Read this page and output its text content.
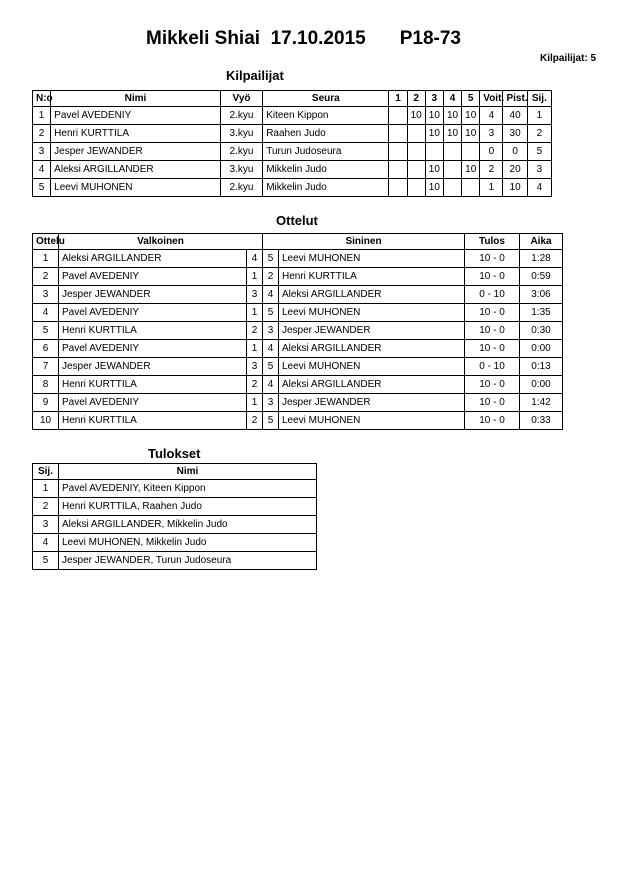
Mikkeli Shiai  17.10.2015 P18-73
Kilpailijat: 5
Kilpailijat
N:o	Nimi	Vyö	Seura	1	2	3	4	5	Voit.	Pist.	Sij.
1	Pavel AVEDENIY	2.kyu	Kiteen Kippon		10	10	10	10	4	40	1
2	Henri KURTTILA	3.kyu	Raahen Judo			10	10	10	3	30	2
3	Jesper JEWANDER	2.kyu	Turun Judoseura						0	0	5
4	Aleksi ARGILLANDER	3.kyu	Mikkelin Judo			10		10	2	20	3
5	Leevi MUHONEN	2.kyu	Mikkelin Judo			10			1	10	4
Ottelut
Ottelu	Valkoinen		Sininen		Tulos	Aika
1	Aleksi ARGILLANDER	4	5	Leevi MUHONEN	10 - 0	1:28
2	Pavel AVEDENIY	1	2	Henri KURTTILA	10 - 0	0:59
3	Jesper JEWANDER	3	4	Aleksi ARGILLANDER	0 - 10	3:06
4	Pavel AVEDENIY	1	5	Leevi MUHONEN	10 - 0	1:35
5	Henri KURTTILA	2	3	Jesper JEWANDER	10 - 0	0:30
6	Pavel AVEDENIY	1	4	Aleksi ARGILLANDER	10 - 0	0:00
7	Jesper JEWANDER	3	5	Leevi MUHONEN	0 - 10	0:13
8	Henri KURTTILA	2	4	Aleksi ARGILLANDER	10 - 0	0:00
9	Pavel AVEDENIY	1	3	Jesper JEWANDER	10 - 0	1:42
10	Henri KURTTILA	2	5	Leevi MUHONEN	10 - 0	0:33
Tulokset
Sij.	Nimi
1	Pavel AVEDENIY, Kiteen Kippon
2	Henri KURTTILA, Raahen Judo
3	Aleksi ARGILLANDER, Mikkelin Judo
4	Leevi MUHONEN, Mikkelin Judo
5	Jesper JEWANDER, Turun Judoseura
